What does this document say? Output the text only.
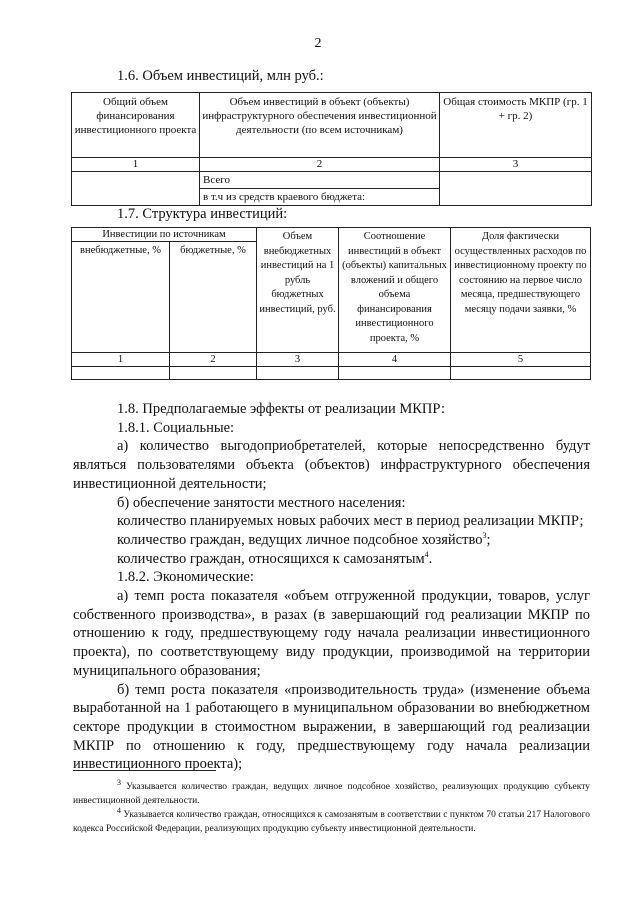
2
1.6. Объем инвестиций, млн руб.:
Общий объем финансирования инвестиционного проекта	Объем инвестиций в объект (объекты) инфраструктурного обеспечения инвестиционной деятельности (по всем источникам)	Общая стоимость МКПР (гр. 1 + гр. 2)
1	2	3
	Всего	
	в т.ч из средств краевого бюджета:	
1.7. Структура инвестиций:
Инвестиции по источникам		Объем внебюджетных инвестиций на 1 рубль бюджетных инвестиций, руб.	Соотношение инвестиций в объект (объекты) капитальных вложений и общего объема финансирования инвестиционного проекта, %	Доля фактически осуществленных расходов по инвестиционному проекту по состоянию на первое число месяца, предшествующего месяцу подачи заявки, %
внебюджетные, %	бюджетные, %			
1	2	3	4	5

1.8. Предполагаемые эффекты от реализации МКПР:

1.8.1. Социальные:

а) количество выгодоприобретателей, которые непосредственно будут являться пользователями объекта (объектов) инфраструктурного обеспечения инвестиционной деятельности;

б) обеспечение занятости местного населения:

количество планируемых новых рабочих мест в период реализации МКПР;

количество граждан, ведущих личное подсобное хозяйство$^3$;

количество граждан, относящихся к самозанятым$^4$.

1.8.2. Экономические:

а) темп роста показателя «объем отгруженной продукции, товаров, услуг собственного производства», в разах (в завершающий год реализации МКПР по отношению к году, предшествующему году начала реализации инвестиционного проекта), по соответствующему виду продукции, производимой на территории муниципального образования;

б) темп роста показателя «производительность труда» (изменение объема выработанной на 1 работающего в муниципальном образовании во внебюджетном секторе продукции в стоимостном выражении, в завершающий год реализации МКПР по отношению к году, предшествующему году начала реализации инвестиционного проекта);

$^3$ Указывается количество граждан, ведущих личное подсобное хозяйство, реализующих продукцию субъекту инвестиционной деятельности.

$^4$ Указывается количество граждан, относящихся к самозанятым в соответствии с пунктом 70 статьи 217 Налогового кодекса Российской Федерации, реализующих продукцию субъекту инвестиционной деятельности.
